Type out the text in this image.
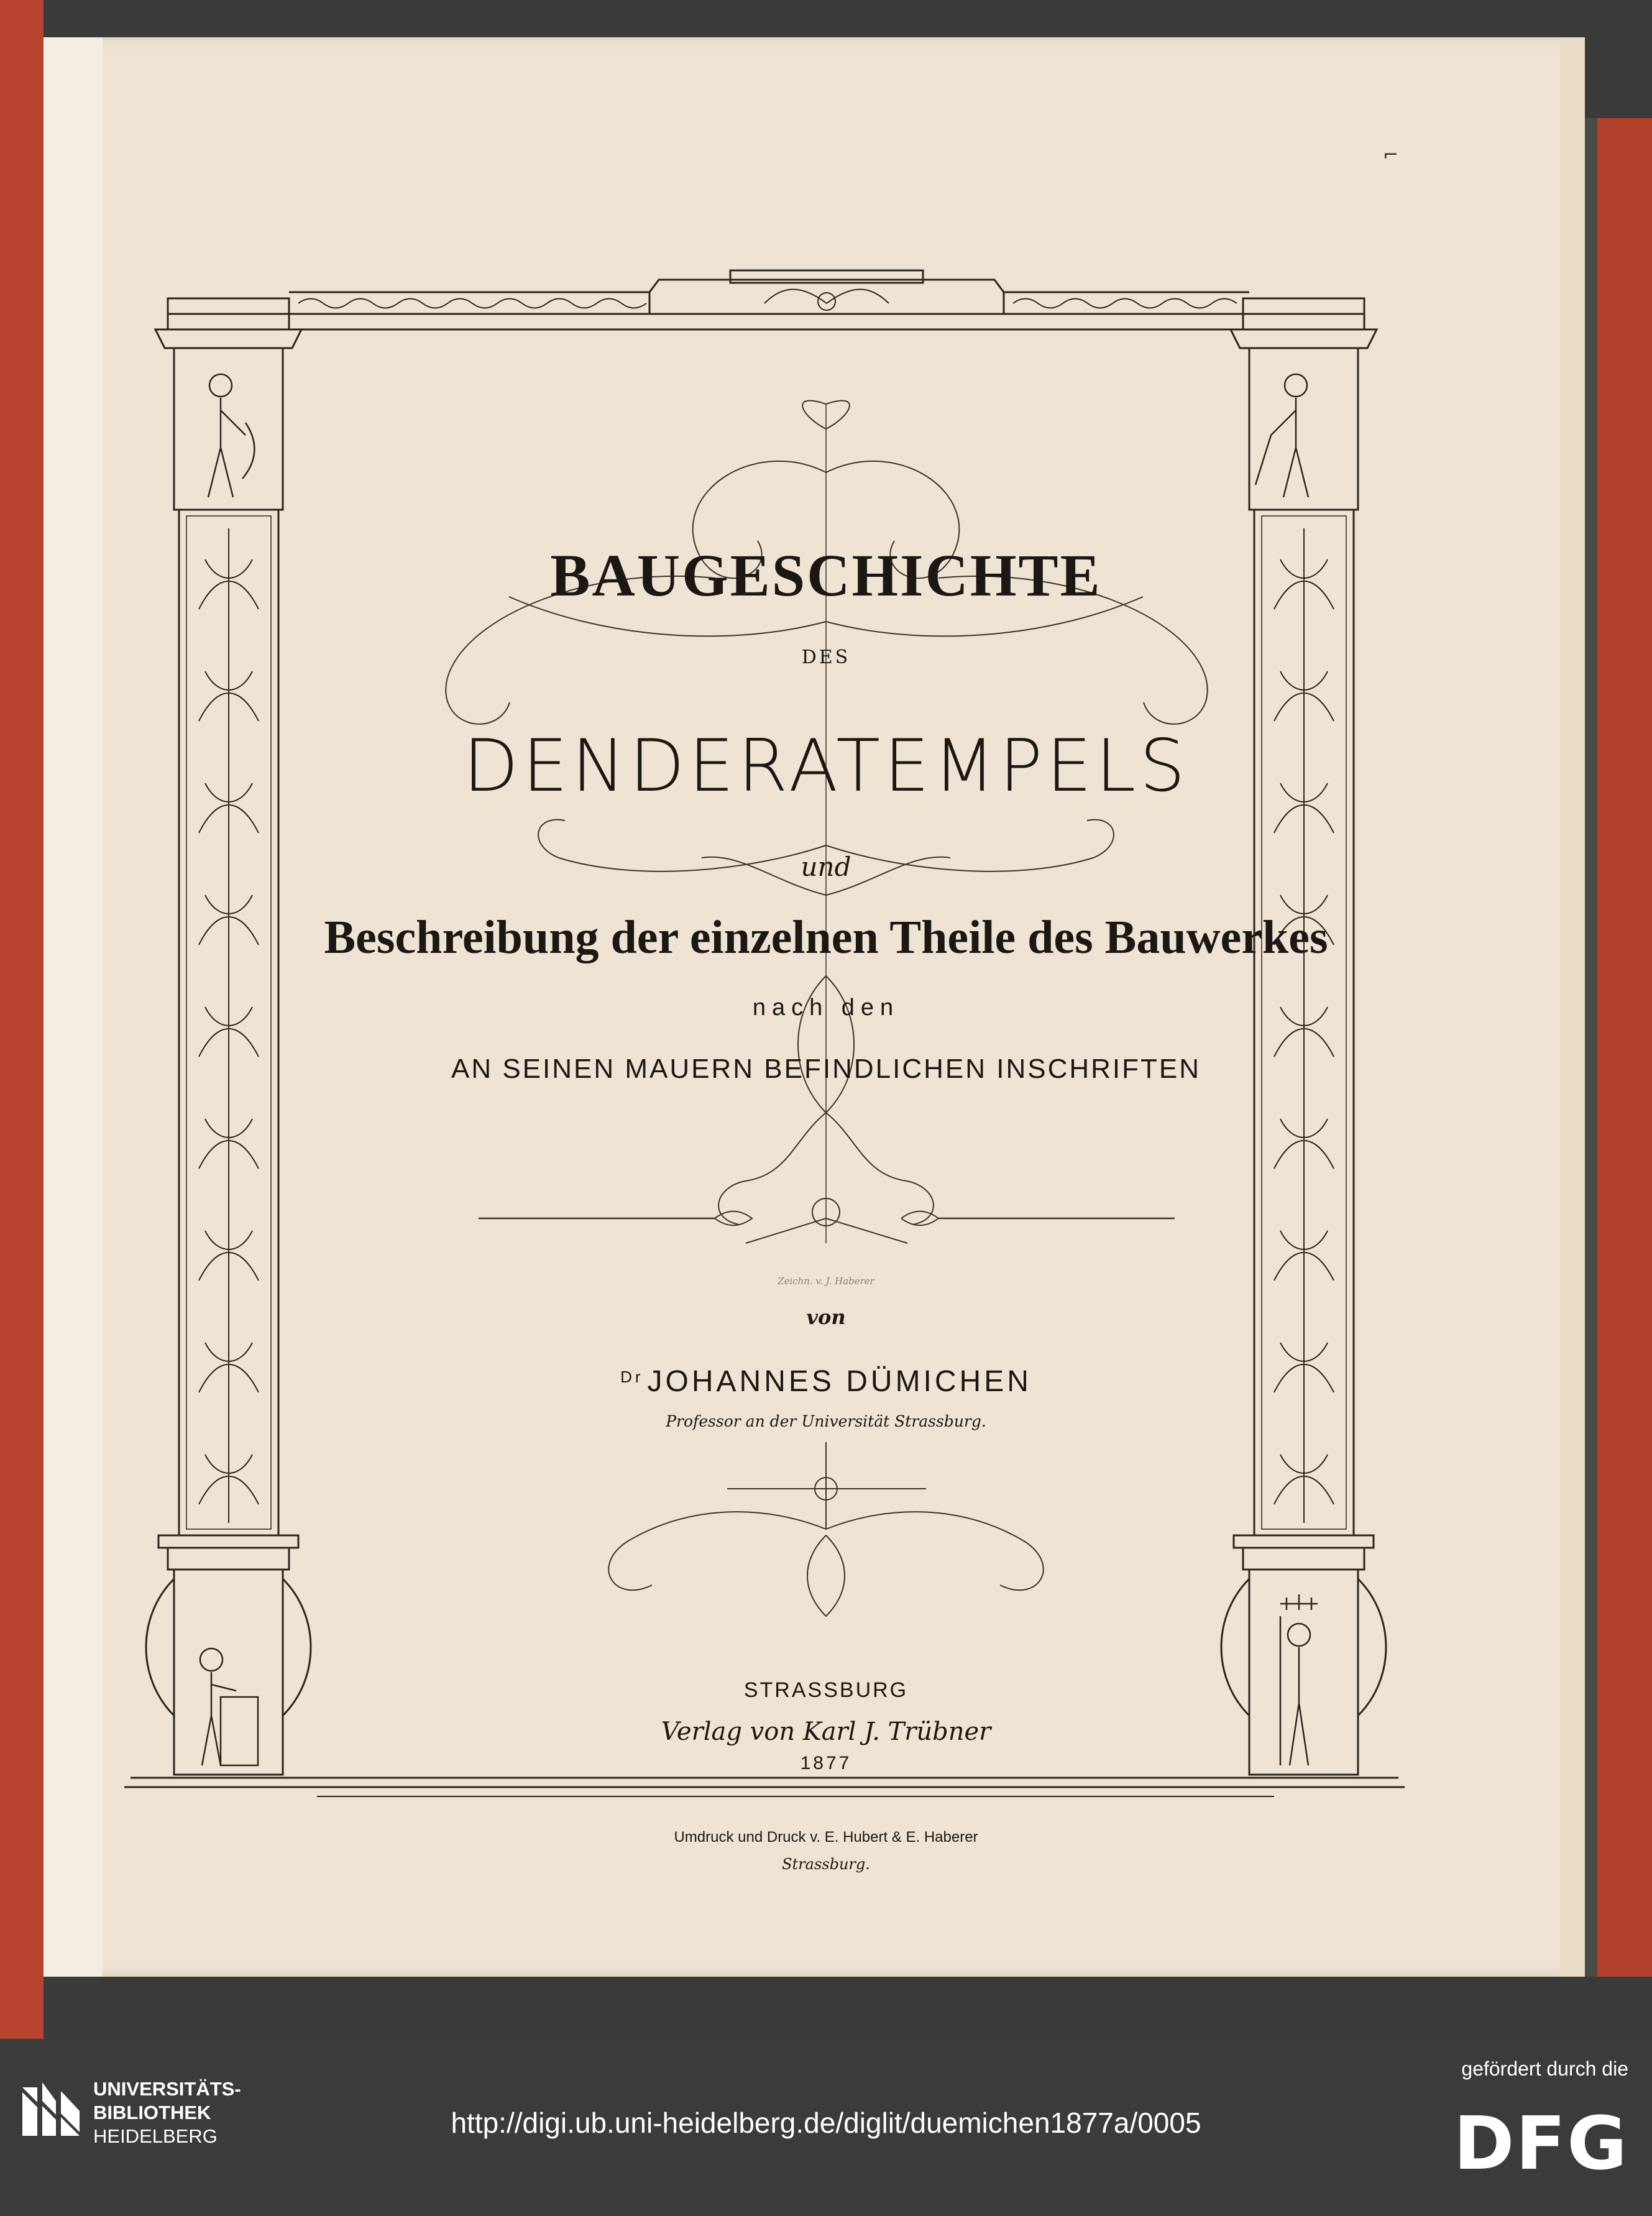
BAUGESCHICHTE

DES

DENDERATEMPELS

und

Beschreibung der einzelnen Theile des Bauwerkes

nach den

AN SEINEN MAUERN BEFINDLICHEN INSCHRIFTEN

Zeichn. v. J. Haberer

von

$^{Dr}$ JOHANNES DÜMICHEN

Professor an der Universität Strassburg.

STRASSBURG

Verlag von Karl J. Trübner

1877

Umdruck und Druck v. E. Hubert & E. Haberer

Strassburg.

⌐

UNIVERSITÄTS-
BIBLIOTHEK
HEIDELBERG	http://digi.ub.uni-heidelberg.de/diglit/duemichen1877a/0005

gefördert durch die

DFG
